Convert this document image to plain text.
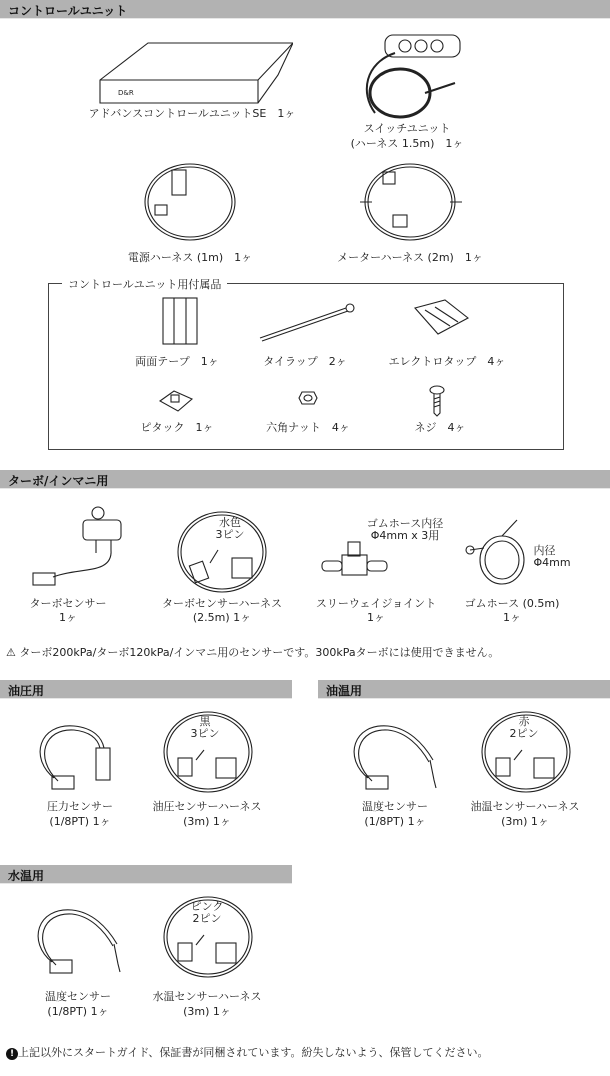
コントロールユニット
D&R
アドバンスコントロールユニットSE　1ヶ
スイッチユニット
(ハーネス 1.5m)　1ヶ
電源ハーネス (1m)　1ヶ	メーターハーネス (2m)　1ヶ
コントロールユニット用付属品
両面テープ　1ヶ	タイラップ　2ヶ	エレクトロタップ　4ヶ
ピタック　1ヶ	六角ナット　4ヶ	ネジ　4ヶ
ターボ/インマニ用
ターボセンサー
1ヶ
水色
3ピン
ターボセンサーハーネス
(2.5m) 1ヶ
ゴムホース内径
Φ4mm x 3用
スリーウェイジョイント
1ヶ
内径
Φ4mm
ゴムホース (0.5m)
1ヶ
⚠ ターボ200kPa/ターボ120kPa/インマニ用のセンサーです。300kPaターボには使用できません。
油圧用	油温用
圧力センサー
(1/8PT) 1ヶ
黒
3ピン
油圧センサーハーネス
(3m) 1ヶ
温度センサー
(1/8PT) 1ヶ
赤
2ピン
油温センサーハーネス
(3m) 1ヶ
水温用
温度センサー
(1/8PT) 1ヶ
ピンク
2ピン
水温センサーハーネス
(3m) 1ヶ
! 上記以外にスタートガイド、保証書が同梱されています。紛失しないよう、保管してください。
